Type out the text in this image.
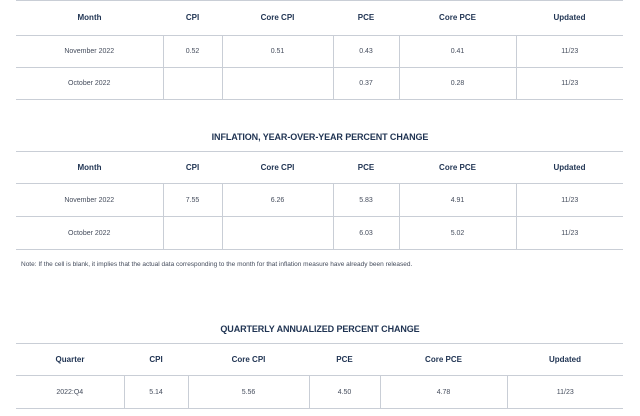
Month	CPI	Core CPI	PCE	Core PCE	Updated
November 2022	0.52	0.51	0.43	0.41	11/23
October 2022			0.37	0.28	11/23
INFLATION, YEAR-OVER-YEAR PERCENT CHANGE
Month	CPI	Core CPI	PCE	Core PCE	Updated
November 2022	7.55	6.26	5.83	4.91	11/23
October 2022			6.03	5.02	11/23
Note: If the cell is blank, it implies that the actual data corresponding to the month for that inflation measure have already been released.
QUARTERLY ANNUALIZED PERCENT CHANGE
Quarter	CPI	Core CPI	PCE	Core PCE	Updated
2022:Q4	5.14	5.56	4.50	4.78	11/23
